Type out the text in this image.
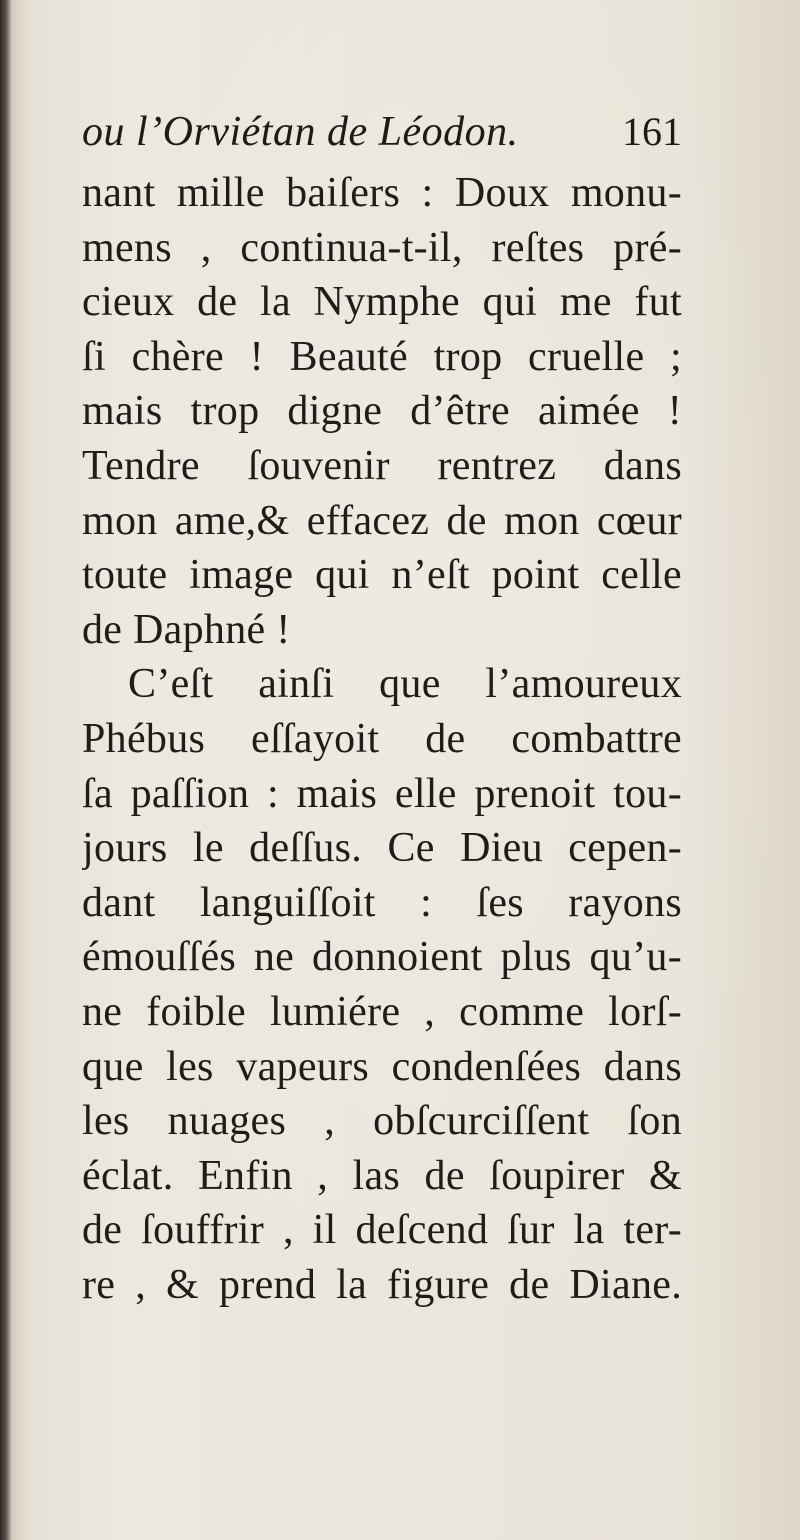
ou l’Orviétan de Léodon.	161
nant mille baiſers : Doux monu-
mens , continua-t-il, reſtes pré-
cieux de la Nymphe qui me fut
ſi chère ! Beauté trop cruelle ;
mais trop digne d’être aimée !
Tendre ſouvenir rentrez dans
mon ame,& effacez de mon cœur
toute image qui n’eſt point celle
de Daphné !
C’eſt ainſi que l’amoureux
Phébus eſſayoit de combattre
ſa paſſion : mais elle prenoit tou-
jours le deſſus. Ce Dieu cepen-
dant languiſſoit : ſes rayons
émouſſés ne donnoient plus qu’u-
ne foible lumiére , comme lorſ-
que les vapeurs condenſées dans
les nuages , obſcurciſſent ſon
éclat. Enfin , las de ſoupirer &
de ſouffrir , il deſcend ſur la ter-
re , & prend la figure de Diane.
